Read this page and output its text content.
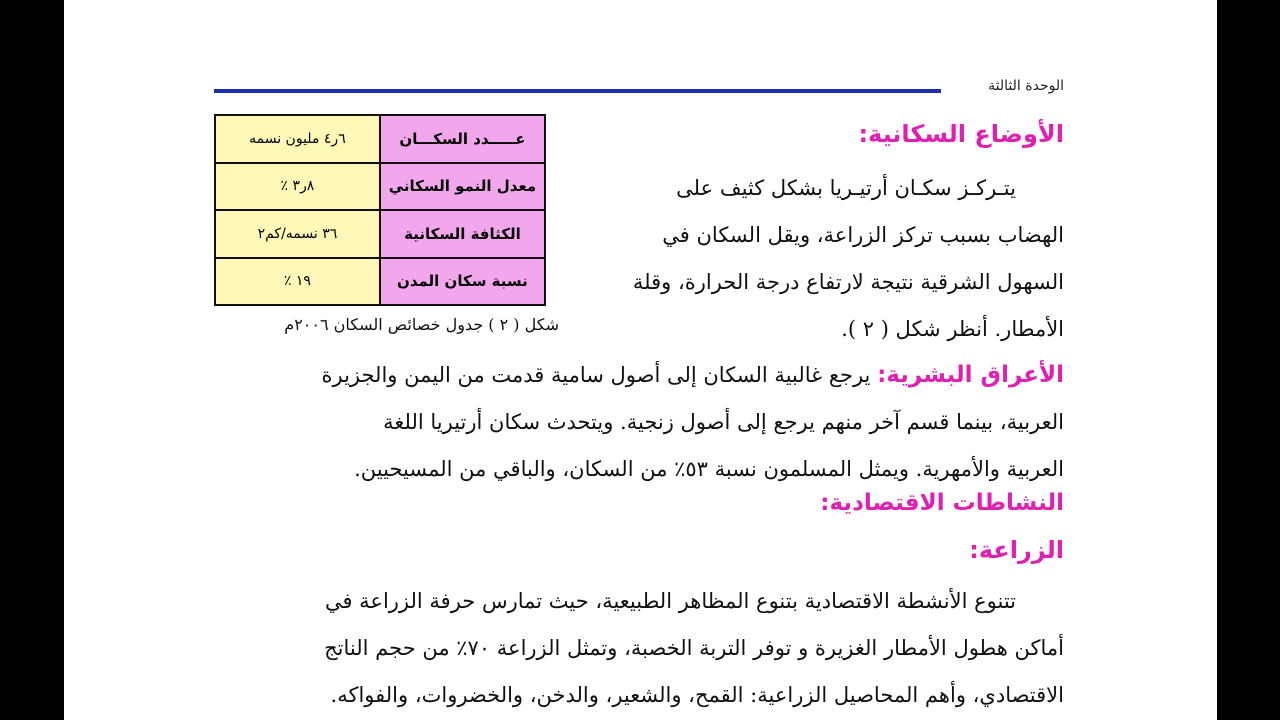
الوحدة الثالثة
الأوضاع السكانية:
يتـركـز سكـان أرتيـريا بشكل كثيف على
الهضاب بسبب تركز الزراعة، ويقل السكان في
السهول الشرقية نتيجة لارتفاع درجة الحرارة، وقلة
الأمطار. أنظر شكل ( ٢ ).
عـــــدد السكـــان	٦ر٤ مليون نسمه
معدل النمو السكاني	٨ر٣ ٪
الكثافة السكانية	٣٦ نسمه/كم٢
نسبة سكان المدن	١٩ ٪
شكل ( ٢ ) جدول خصائص السكان ٢٠٠٦م
الأعراق البشرية: يرجع غالبية السكان إلى أصول سامية قدمت من اليمن والجزيرة
العربية، بينما قسم آخر منهم يرجع إلى أصول زنجية. ويتحدث سكان أرتيريا اللغة
العربية والأمهرية. ويمثل المسلمون نسبة ٥٣٪ من السكان، والباقي من المسيحيين.
النشاطات الاقتصادية:
الزراعة:
تتنوع الأنشطة الاقتصادية بتنوع المظاهر الطبيعية، حيث تمارس حرفة الزراعة في
أماكن هطول الأمطار الغزيرة و توفر التربة الخصبة، وتمثل الزراعة ٧٠٪ من حجم الناتج
الاقتصادي، وأهم المحاصيل الزراعية: القمح، والشعير، والدخن، والخضروات، والفواكه.
